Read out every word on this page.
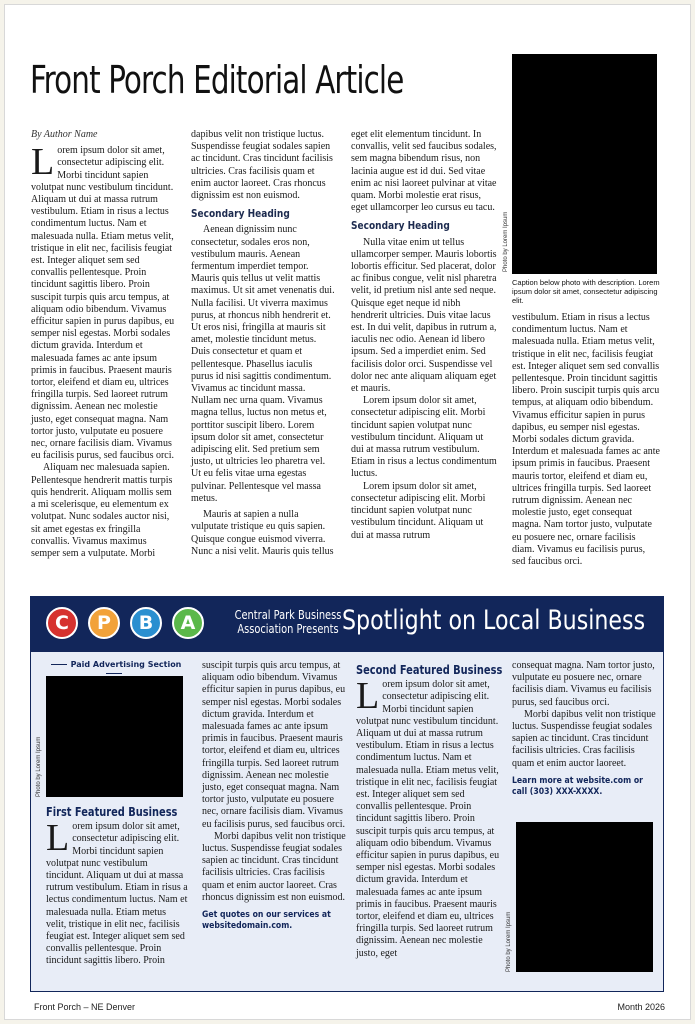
Front Porch Editorial Article
By Author Name

Lorem ipsum dolor sit amet, consectetur adipiscing elit. Morbi tincidunt sapien volutpat nunc vestibulum tincidunt. Aliquam ut dui at massa rutrum vestibulum. Etiam in risus a lectus condimentum luctus. Nam et malesuada nulla. Etiam metus velit, tristique in elit nec, facilisis feugiat est. Integer aliquet sem sed convallis pellentesque. Proin tincidunt sagittis libero. Proin suscipit turpis quis arcu tempus, at aliquam odio bibendum. Vivamus efficitur sapien in purus dapibus, eu semper nisl egestas. Morbi sodales dictum gravida. Interdum et malesuada fames ac ante ipsum primis in faucibus. Praesent mauris tortor, eleifend et diam eu, ultrices fringilla turpis. Sed laoreet rutrum dignissim. Aenean nec molestie justo, eget consequat magna. Nam tortor justo, vulputate eu posuere nec, ornare facilisis diam. Vivamus eu facilisis purus, sed faucibus orci.

Aliquam nec malesuada sapien. Pellentesque hendrerit mattis turpis quis hendrerit. Aliquam mollis sem a mi scelerisque, eu elementum ex volutpat. Nunc sodales auctor nisi, sit amet egestas ex fringilla convallis. Vivamus maximus semper sem a vulputate. Morbi

dapibus velit non tristique luctus. Suspendisse feugiat sodales sapien ac tincidunt. Cras tincidunt facilisis ultricies. Cras facilisis quam et enim auctor laoreet. Cras rhoncus dignissim est non euismod.

Secondary Heading

Aenean dignissim nunc consectetur, sodales eros non, vestibulum mauris. Aenean fermentum imperdiet tempor. Mauris quis tellus ut velit mattis maximus. Ut sit amet venenatis dui. Nulla facilisi. Ut viverra maximus purus, at rhoncus nibh hendrerit et. Ut eros nisi, fringilla at mauris sit amet, molestie tincidunt metus. Duis consectetur et quam et pellentesque. Phasellus iaculis purus id nisi sagittis condimentum. Vivamus ac tincidunt massa. Nullam nec urna quam. Vivamus magna tellus, luctus non metus et, porttitor suscipit libero. Lorem ipsum dolor sit amet, consectetur adipiscing elit. Sed pretium sem justo, ut ultricies leo pharetra vel. Ut eu felis vitae urna egestas pulvinar. Pellentesque vel massa metus.

Mauris at sapien a nulla vulputate tristique eu quis sapien. Quisque congue euismod viverra. Nunc a nisi velit. Mauris quis tellus

eget elit elementum tincidunt. In convallis, velit sed faucibus sodales, sem magna bibendum risus, non lacinia augue est id dui. Sed vitae enim ac nisi laoreet pulvinar at vitae quam. Morbi molestie erat risus, eget ullamcorper leo cursus eu tacu.

Secondary Heading

Nulla vitae enim ut tellus ullamcorper semper. Mauris lobortis lobortis efficitur. Sed placerat, dolor ac finibus congue, velit nisl pharetra velit, id pretium nisl ante sed neque. Quisque eget neque id nibh hendrerit ultricies. Duis vitae lacus est. In dui velit, dapibus in rutrum a, iaculis nec odio. Aenean id libero ipsum. Sed a imperdiet enim. Sed facilisis dolor orci. Suspendisse vel dolor nec ante aliquam aliquam eget et mauris.

Lorem ipsum dolor sit amet, consectetur adipiscing elit. Morbi tincidunt sapien volutpat nunc vestibulum tincidunt. Aliquam ut dui at massa rutrum vestibulum. Etiam in risus a lectus condimentum luctus.

Lorem ipsum dolor sit amet, consectetur adipiscing elit. Morbi tincidunt sapien volutpat nunc vestibulum tincidunt. Aliquam ut dui at massa rutrum

Photo by Lorem Ipsum
Caption below photo with description. Lorem ipsum dolor sit amet, consectetur adipiscing elit.

vestibulum. Etiam in risus a lectus condimentum luctus. Nam et malesuada nulla. Etiam metus velit, tristique in elit nec, facilisis feugiat est. Integer aliquet sem sed convallis pellentesque. Proin tincidunt sagittis libero. Proin suscipit turpis quis arcu tempus, at aliquam odio bibendum. Vivamus efficitur sapien in purus dapibus, eu semper nisl egestas. Morbi sodales dictum gravida. Interdum et malesuada fames ac ante ipsum primis in faucibus. Praesent mauris tortor, eleifend et diam eu, ultrices fringilla turpis. Sed laoreet rutrum dignissim. Aenean nec molestie justo, eget consequat magna. Nam tortor justo, vulputate eu posuere nec, ornare facilisis diam. Vivamus eu facilisis purus, sed faucibus orci.

C	P	B	A	Central Park Business Association Presents Spotlight on Local Business
Paid Advertising Section
Photo by Lorem Ipsum
First Featured Business

Lorem ipsum dolor sit amet, consectetur adipiscing elit. Morbi tincidunt sapien volutpat nunc vestibulum tincidunt. Aliquam ut dui at massa rutrum vestibulum. Etiam in risus a lectus condimentum luctus. Nam et malesuada nulla. Etiam metus velit, tristique in elit nec, facilisis feugiat est. Integer aliquet sem sed convallis pellentesque. Proin tincidunt sagittis libero. Proin

suscipit turpis quis arcu tempus, at aliquam odio bibendum. Vivamus efficitur sapien in purus dapibus, eu semper nisl egestas. Morbi sodales dictum gravida. Interdum et malesuada fames ac ante ipsum primis in faucibus. Praesent mauris tortor, eleifend et diam eu, ultrices fringilla turpis. Sed laoreet rutrum dignissim. Aenean nec molestie justo, eget consequat magna. Nam tortor justo, vulputate eu posuere nec, ornare facilisis diam. Vivamus eu facilisis purus, sed faucibus orci.

Morbi dapibus velit non tristique luctus. Suspendisse feugiat sodales sapien ac tincidunt. Cras tincidunt facilisis ultricies. Cras facilisis quam et enim auctor laoreet. Cras rhoncus dignissim est non euismod.

Get quotes on our services at websitedomain.com.
Second Featured Business

Lorem ipsum dolor sit amet, consectetur adipiscing elit. Morbi tincidunt sapien volutpat nunc vestibulum tincidunt. Aliquam ut dui at massa rutrum vestibulum. Etiam in risus a lectus condimentum luctus. Nam et malesuada nulla. Etiam metus velit, tristique in elit nec, facilisis feugiat est. Integer aliquet sem sed convallis pellentesque. Proin tincidunt sagittis libero. Proin suscipit turpis quis arcu tempus, at aliquam odio bibendum. Vivamus efficitur sapien in purus dapibus, eu semper nisl egestas. Morbi sodales dictum gravida. Interdum et malesuada fames ac ante ipsum primis in faucibus. Praesent mauris tortor, eleifend et diam eu, ultrices fringilla turpis. Sed laoreet rutrum dignissim. Aenean nec molestie justo, eget

consequat magna. Nam tortor justo, vulputate eu posuere nec, ornare facilisis diam. Vivamus eu facilisis purus, sed faucibus orci.

Morbi dapibus velit non tristique luctus. Suspendisse feugiat sodales sapien ac tincidunt. Cras tincidunt facilisis ultricies. Cras facilisis quam et enim auctor laoreet.

Learn more at website.com or call (303) XXX-XXXX.
Photo by Lorem Ipsum
Front Porch – NE Denver	Month 2026
